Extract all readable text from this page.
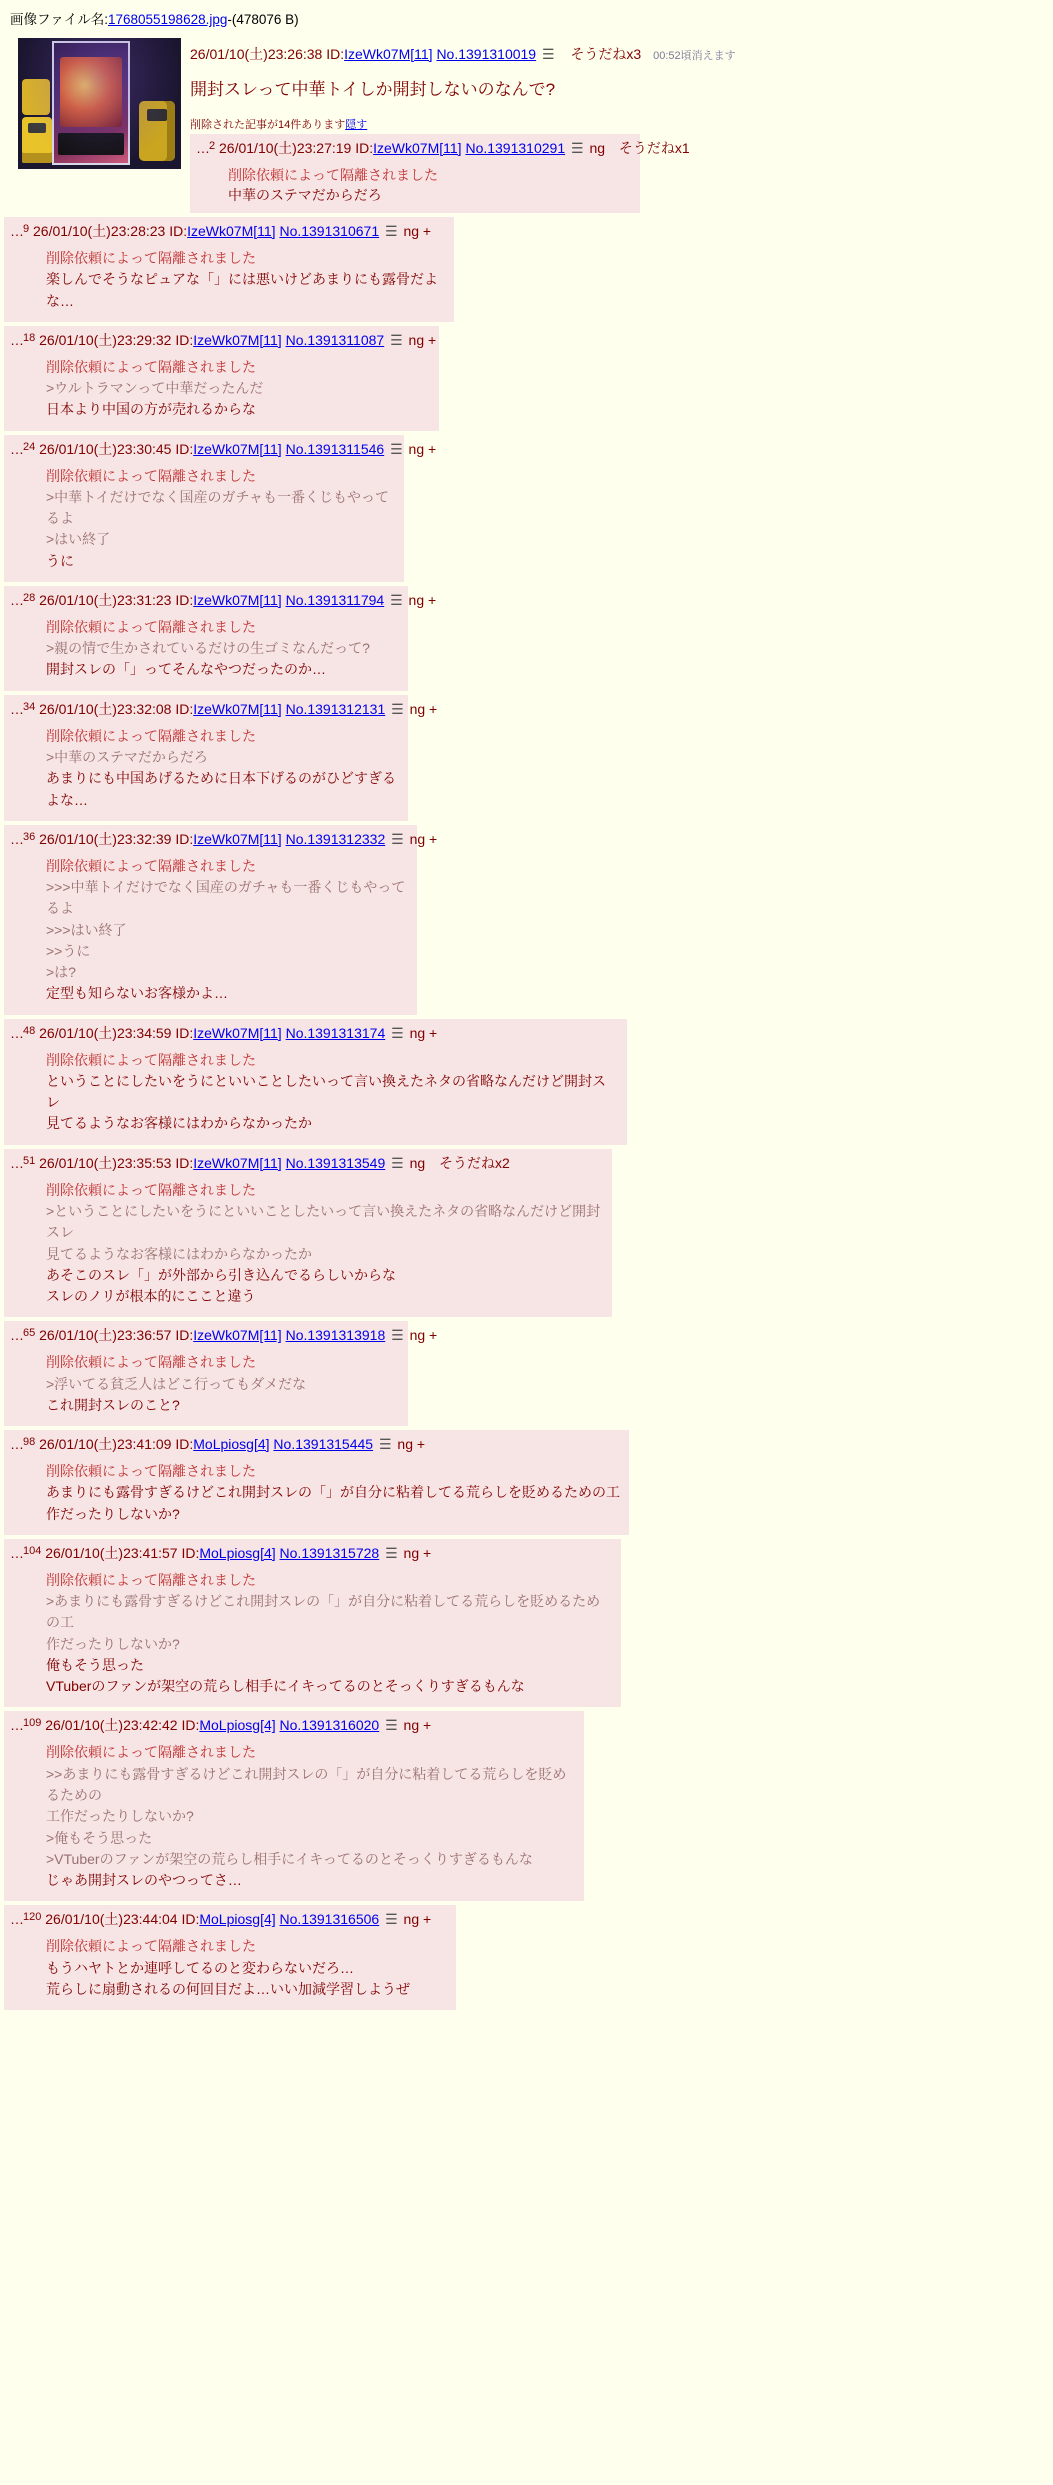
画像ファイル名:1768055198628.jpg-(478076 B)
26/01/10(土)23:26:38 ID:IzeWk07M[11] No.1391310019 ☰ そうだねx3 00:52頃消えます
開封スレって中華トイしか開封しないのなんで?
削除された記事が14件あります隠す
…$^2$ 26/01/10(土)23:27:19 ID:IzeWk07M[11] No.1391310291 ☰ ng そうだねx1
削除依頼によって隔離されました
中華のステマだからだろ
…$^9$ 26/01/10(土)23:28:23 ID:IzeWk07M[11] No.1391310671 ☰ ng +
削除依頼によって隔離されました
楽しんでそうなピュアな「」には悪いけどあまりにも露骨だよな…
…$^{18}$ 26/01/10(土)23:29:32 ID:IzeWk07M[11] No.1391311087 ☰ ng +
削除依頼によって隔離されました
>ウルトラマンって中華だったんだ
日本より中国の方が売れるからな
…$^{24}$ 26/01/10(土)23:30:45 ID:IzeWk07M[11] No.1391311546 ☰ ng +
削除依頼によって隔離されました
>中華トイだけでなく国産のガチャも一番くじもやってるよ
>はい終了
うに
…$^{28}$ 26/01/10(土)23:31:23 ID:IzeWk07M[11] No.1391311794 ☰ ng +
削除依頼によって隔離されました
>親の情で生かされているだけの生ゴミなんだって?
開封スレの「」ってそんなやつだったのか…
…$^{34}$ 26/01/10(土)23:32:08 ID:IzeWk07M[11] No.1391312131 ☰ ng +
削除依頼によって隔離されました
>中華のステマだからだろ
あまりにも中国あげるために日本下げるのがひどすぎるよな…
…$^{36}$ 26/01/10(土)23:32:39 ID:IzeWk07M[11] No.1391312332 ☰ ng +
削除依頼によって隔離されました
>>>中華トイだけでなく国産のガチャも一番くじもやってるよ
>>>はい終了
>>うに
>は?
定型も知らないお客様かよ…
…$^{48}$ 26/01/10(土)23:34:59 ID:IzeWk07M[11] No.1391313174 ☰ ng +
削除依頼によって隔離されました
ということにしたいをうにといいことしたいって言い換えたネタの省略なんだけど開封スレ
見てるようなお客様にはわからなかったか
…$^{51}$ 26/01/10(土)23:35:53 ID:IzeWk07M[11] No.1391313549 ☰ ng そうだねx2
削除依頼によって隔離されました
>ということにしたいをうにといいことしたいって言い換えたネタの省略なんだけど開封スレ
見てるようなお客様にはわからなかったか
あそこのスレ「」が外部から引き込んでるらしいからな
スレのノリが根本的にここと違う
…$^{65}$ 26/01/10(土)23:36:57 ID:IzeWk07M[11] No.1391313918 ☰ ng +
削除依頼によって隔離されました
>浮いてる貧乏人はどこ行ってもダメだな
これ開封スレのこと?
…$^{98}$ 26/01/10(土)23:41:09 ID:MoLpiosg[4] No.1391315445 ☰ ng +
削除依頼によって隔離されました
あまりにも露骨すぎるけどこれ開封スレの「」が自分に粘着してる荒らしを貶めるための工
作だったりしないか?
…$^{104}$ 26/01/10(土)23:41:57 ID:MoLpiosg[4] No.1391315728 ☰ ng +
削除依頼によって隔離されました
>あまりにも露骨すぎるけどこれ開封スレの「」が自分に粘着してる荒らしを貶めるための工
作だったりしないか?
俺もそう思った
VTuberのファンが架空の荒らし相手にイキってるのとそっくりすぎるもんな
…$^{109}$ 26/01/10(土)23:42:42 ID:MoLpiosg[4] No.1391316020 ☰ ng +
削除依頼によって隔離されました
>>あまりにも露骨すぎるけどこれ開封スレの「」が自分に粘着してる荒らしを貶めるための
工作だったりしないか?
>俺もそう思った
>VTuberのファンが架空の荒らし相手にイキってるのとそっくりすぎるもんな
じゃあ開封スレのやつってさ…
…$^{120}$ 26/01/10(土)23:44:04 ID:MoLpiosg[4] No.1391316506 ☰ ng +
削除依頼によって隔離されました
もうハヤトとか連呼してるのと変わらないだろ…
荒らしに扇動されるの何回目だよ…いい加減学習しようぜ
